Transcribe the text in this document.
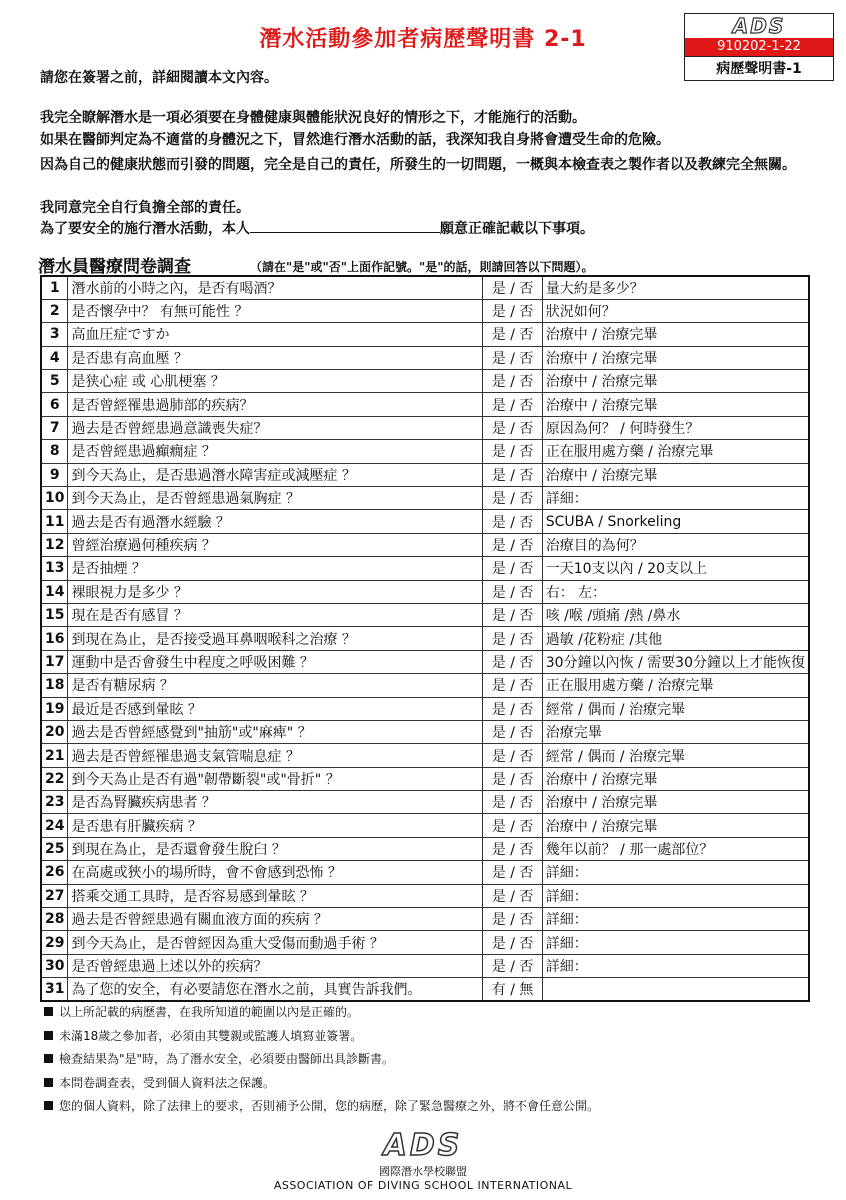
潛水活動參加者病歷聲明書 2-1
ADS
910202-1-22
病歷聲明書-1
請您在簽署之前，詳細閱讀本文內容。
我完全瞭解潛水是一項必須要在身體健康與體能狀況良好的情形之下，才能施行的活動。
如果在醫師判定為不適當的身體況之下，冒然進行潛水活動的話，我深知我自身將會遭受生命的危險。
因為自己的健康狀態而引發的問題，完全是自己的責任，所發生的一切問題，一概與本檢查表之製作者以及教練完全無關。
我同意完全自行負擔全部的責任。
為了要安全的施行潛水活動，本人	願意正確記載以下事項。
潛水員醫療問卷調查	（請在"是"或"否"上面作記號。"是"的話，則請回答以下問題）。
1	潛水前的小時之內，是否有喝酒？	是 / 否	量大約是多少？
2	是否懷孕中？ 有無可能性 ？	是 / 否	狀況如何？
3	高血圧症ですか	是 / 否	治療中 / 治療完畢
4	是否患有高血壓 ？	是 / 否	治療中 / 治療完畢
5	是狭心症 或 心肌梗塞 ？	是 / 否	治療中 / 治療完畢
6	是否曾經罹患過肺部的疾病？	是 / 否	治療中 / 治療完畢
7	過去是否曾經患過意識喪失症？	是 / 否	原因為何？ / 何時發生？
8	是否曾經患過癲癇症 ？	是 / 否	正在服用處方藥 / 治療完畢
9	到今天為止，是否患過潛水障害症或減壓症 ？	是 / 否	治療中 / 治療完畢
10	到今天為止，是否曾經患過氣胸症 ？	是 / 否	詳細：
11	過去是否有過潛水經驗 ？	是 / 否	SCUBA / Snorkeling
12	曾經治療過何種疾病 ？	是 / 否	治療目的為何？
13	是否抽煙 ？	是 / 否	一天10支以內 / 20支以上
14	裸眼視力是多少 ？	是 / 否	右： 左：
15	現在是否有感冒 ？	是 / 否	咳 /喉 /頭痛 /熱 /鼻水
16	到現在為止，是否接受過耳鼻咽喉科之治療 ？	是 / 否	過敏 /花粉症 /其他
17	運動中是否會發生中程度之呼吸困難 ？	是 / 否	30分鐘以內恢 / 需要30分鐘以上才能恢復
18	是否有糖尿病 ？	是 / 否	正在服用處方藥 / 治療完畢
19	最近是否感到暈眩 ？	是 / 否	經常 / 偶而 / 治療完畢
20	過去是否曾經感覺到"抽筋"或"麻痺" ？	是 / 否	治療完畢
21	過去是否曾經罹患過支氣管喘息症 ？	是 / 否	經常 / 偶而 / 治療完畢
22	到今天為止是否有過"韌帶斷裂"或"骨折" ？	是 / 否	治療中 / 治療完畢
23	是否為腎臟疾病患者 ？	是 / 否	治療中 / 治療完畢
24	是否患有肝臟疾病 ？	是 / 否	治療中 / 治療完畢
25	到現在為止，是否還會發生脫臼 ？	是 / 否	幾年以前？ / 那一處部位？
26	在高處或狹小的場所時，會不會感到恐怖 ？	是 / 否	詳細：
27	搭乘交通工具時，是否容易感到暈眩 ？	是 / 否	詳細：
28	過去是否曾經患過有關血液方面的疾病 ？	是 / 否	詳細：
29	到今天為止，是否曾經因為重大受傷而動過手術 ？	是 / 否	詳細：
30	是否曾經患過上述以外的疾病？	是 / 否	詳細：
31	為了您的安全，有必要請您在潛水之前，具實告訴我們。	有 / 無	
以上所記載的病歷書，在我所知道的範圍以內是正確的。
未滿18歲之參加者，必須由其雙親或監護人填寫並簽署。
檢查結果為"是"時，為了潛水安全，必須要由醫師出具診斷書。
本問卷調查表，受到個人資料法之保護。
您的個人資料，除了法律上的要求，否則補予公開，您的病歷，除了緊急醫療之外，將不會任意公開。
ADS
國際潛水學校聯盟
ASSOCIATION OF DIVING SCHOOL INTERNATIONAL
